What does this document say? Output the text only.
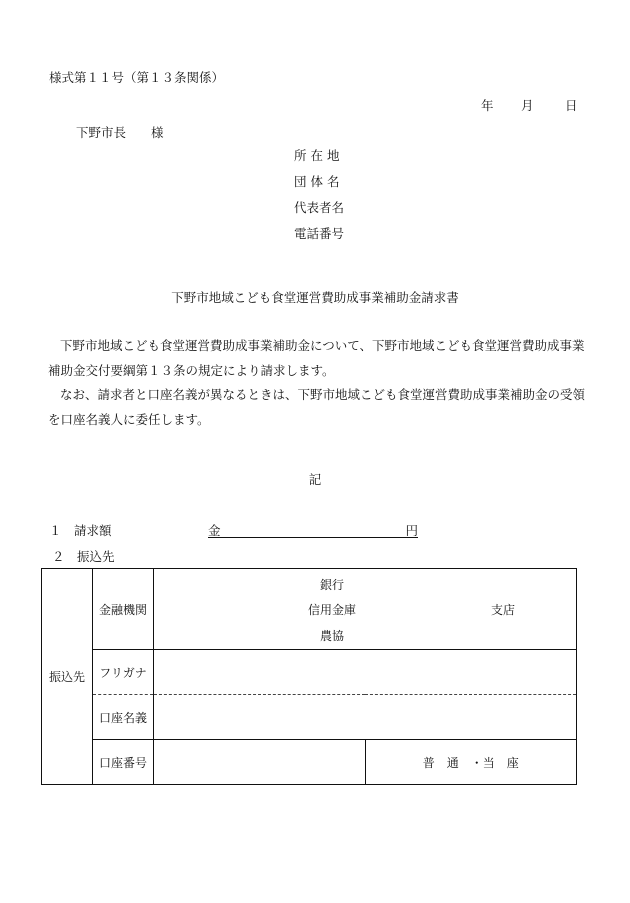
様式第１１号（第１３条関係）
年 月	日
下野市長　　様
所 在 地
団 体 名
代表者名
電話番号
下野市地域こども食堂運営費助成事業補助金請求書

下野市地域こども食堂運営費助成事業補助金について、下野市地域こども食堂運営費助成事業補助金交付要綱第１３条の規定により請求します。

なお、請求者と口座名義が異なるときは、下野市地域こども食堂運営費助成事業補助金の受領を口座名義人に委任します。

記
１　請求額	金	円
２　振込先
振込先	金融機関	銀行
信用金庫
農協
支店	

	フリガナ		
	口座名義		
	口座番号		普　通　・当　座
